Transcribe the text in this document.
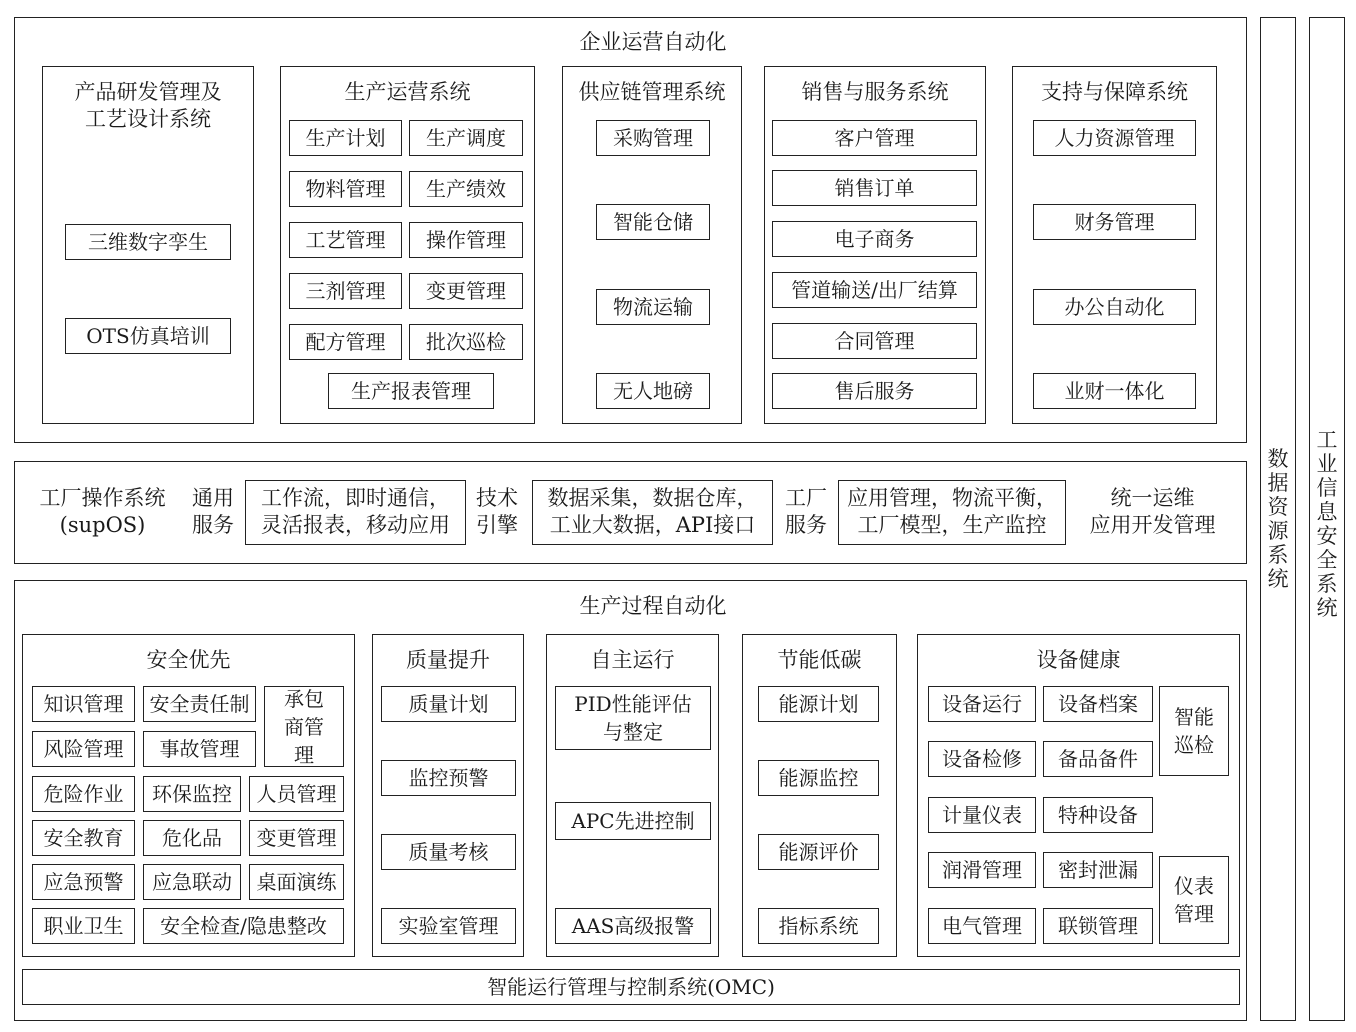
企业运营自动化
产品研发管理及
工艺设计系统
三维数字孪生
OTS仿真培训
生产运营系统
生产计划	生产调度
物料管理	生产绩效
工艺管理	操作管理
三剂管理	变更管理
配方管理	批次巡检
生产报表管理
供应链管理系统
采购管理
智能仓储
物流运输
无人地磅
销售与服务系统
客户管理
销售订单
电子商务
管道输送/出厂结算
合同管理
售后服务
支持与保障系统
人力资源管理
财务管理
办公自动化
业财一体化
工厂操作系统
(supOS)
通用
服务
工作流，即时通信，
灵活报表，移动应用
技术
引擎
数据采集，数据仓库，
工业大数据，API接口
工厂
服务
应用管理，物流平衡，
工厂模型，生产监控
统一运维
应用开发管理
生产过程自动化
安全优先
知识管理	安全责任制	承包商管理
风险管理	事故管理
危险作业	环保监控	人员管理
安全教育	危化品	变更管理
应急预警	应急联动	桌面演练
职业卫生	安全检查/隐患整改
质量提升
质量计划
监控预警
质量考核
实验室管理
自主运行
PID性能评估与整定
APC先进控制
AAS高级报警
节能低碳
能源计划
能源监控
能源评价
指标系统
设备健康
设备运行	设备档案
智能巡检
设备检修	备品备件
计量仪表	特种设备
润滑管理	密封泄漏
仪表管理
电气管理	联锁管理
智能运行管理与控制系统(OMC)
数
据
资
源
系
统
工
业
信
息
安
全
系
统
